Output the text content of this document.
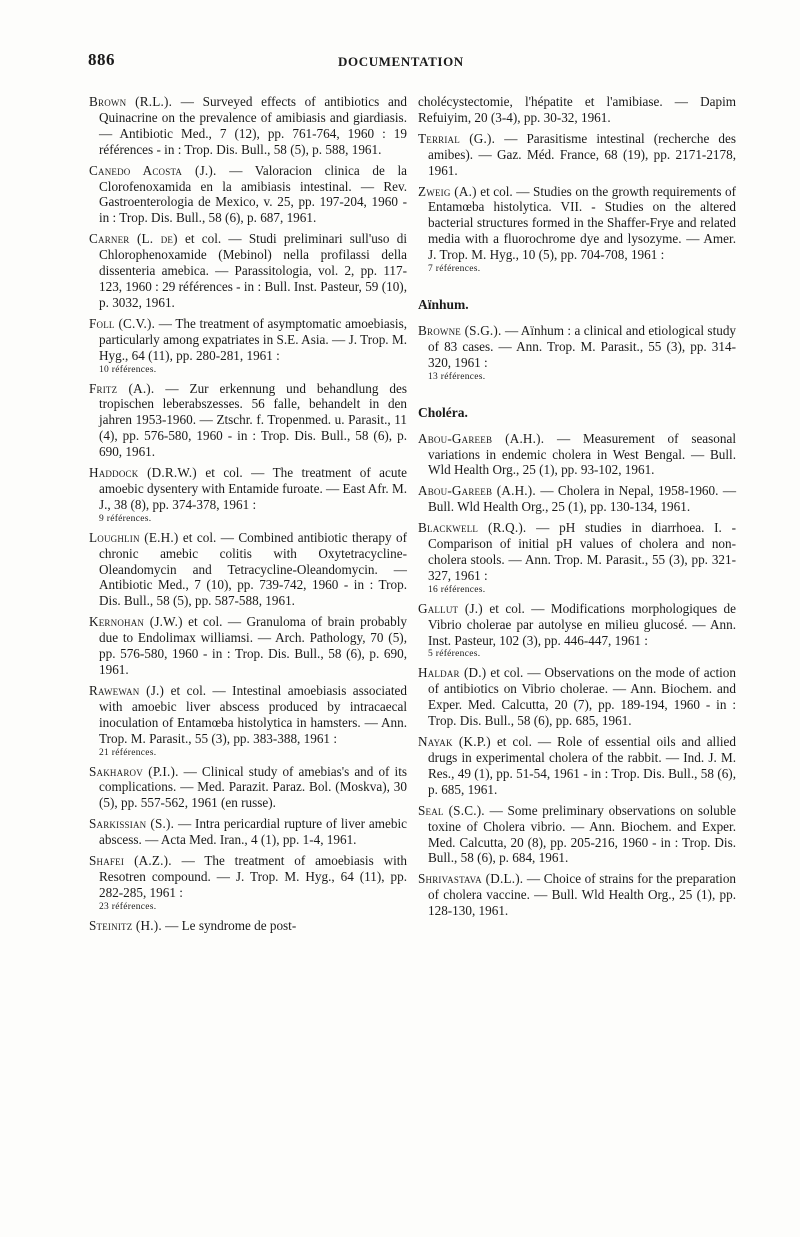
886	DOCUMENTATION
Brown (R.L.). — Surveyed effects of antibiotics and Quinacrine on the prevalence of amibiasis and giardiasis. — Antibiotic Med., 7 (12), pp. 761-764, 1960 : 19 références - in : Trop. Dis. Bull., 58 (5), p. 588, 1961.
Canedo Acosta (J.). — Valoracion clinica de la Clorofenoxamida en la amibiasis intestinal. — Rev. Gastroenterologia de Mexico, v. 25, pp. 197-204, 1960 - in : Trop. Dis. Bull., 58 (6), p. 687, 1961.
Carner (L. de) et col. — Studi preliminari sull'uso di Chlorophenoxamide (Mebinol) nella profilassi della dissenteria amebica. — Parassitologia, vol. 2, pp. 117-123, 1960 : 29 références - in : Bull. Inst. Pasteur, 59 (10), p. 3032, 1961.
Foll (C.V.). — The treatment of asymptomatic amoebiasis, particularly among expatriates in S.E. Asia. — J. Trop. M. Hyg., 64 (11), pp. 280-281, 1961 :
10 références.
Fritz (A.). — Zur erkennung und behandlung des tropischen leberabszesses. 56 falle, behandelt in den jahren 1953-1960. — Ztschr. f. Tropenmed. u. Parasit., 11 (4), pp. 576-580, 1960 - in : Trop. Dis. Bull., 58 (6), p. 690, 1961.
Haddock (D.R.W.) et col. — The treatment of acute amoebic dysentery with Entamide furoate. — East Afr. M. J., 38 (8), pp. 374-378, 1961 :
9 références.
Loughlin (E.H.) et col. — Combined antibiotic therapy of chronic amebic colitis with Oxytetracycline-Oleandomycin and Tetracycline-Oleandomycin. — Antibiotic Med., 7 (10), pp. 739-742, 1960 - in : Trop. Dis. Bull., 58 (5), pp. 587-588, 1961.
Kernohan (J.W.) et col. — Granuloma of brain probably due to Endolimax williamsi. — Arch. Pathology, 70 (5), pp. 576-580, 1960 - in : Trop. Dis. Bull., 58 (6), p. 690, 1961.
Rawewan (J.) et col. — Intestinal amoebiasis associated with amoebic liver abscess produced by intracaecal inoculation of Entamœba histolytica in hamsters. — Ann. Trop. M. Parasit., 55 (3), pp. 383-388, 1961 :
21 références.
Sakharov (P.I.). — Clinical study of amebias's and of its complications. — Med. Parazit. Paraz. Bol. (Moskva), 30 (5), pp. 557-562, 1961 (en russe).
Sarkissian (S.). — Intra pericardial rupture of liver amebic abscess. — Acta Med. Iran., 4 (1), pp. 1-4, 1961.
Shafei (A.Z.). — The treatment of amoebiasis with Resotren compound. — J. Trop. M. Hyg., 64 (11), pp. 282-285, 1961 :
23 références.
Steinitz (H.). — Le syndrome de post-
cholécystectomie, l'hépatite et l'amibiase. — Dapim Refuiyim, 20 (3-4), pp. 30-32, 1961.
Terrial (G.). — Parasitisme intestinal (recherche des amibes). — Gaz. Méd. France, 68 (19), pp. 2171-2178, 1961.
Zweig (A.) et col. — Studies on the growth requirements of Entamœba histolytica. VII. - Studies on the altered bacterial structures formed in the Shaffer-Frye and related media with a fluorochrome dye and lysozyme. — Amer. J. Trop. M. Hyg., 10 (5), pp. 704-708, 1961 :
7 références.
Aïnhum.
Browne (S.G.). — Aïnhum : a clinical and etiological study of 83 cases. — Ann. Trop. M. Parasit., 55 (3), pp. 314-320, 1961 :
13 références.
Choléra.
Abou-Gareeb (A.H.). — Measurement of seasonal variations in endemic cholera in West Bengal. — Bull. Wld Health Org., 25 (1), pp. 93-102, 1961.
Abou-Gareeb (A.H.). — Cholera in Nepal, 1958-1960. — Bull. Wld Health Org., 25 (1), pp. 130-134, 1961.
Blackwell (R.Q.). — pH studies in diarrhoea. I. - Comparison of initial pH values of cholera and non-cholera stools. — Ann. Trop. M. Parasit., 55 (3), pp. 321-327, 1961 :
16 références.
Gallut (J.) et col. — Modifications morphologiques de Vibrio cholerae par autolyse en milieu glucosé. — Ann. Inst. Pasteur, 102 (3), pp. 446-447, 1961 :
5 références.
Haldar (D.) et col. — Observations on the mode of action of antibiotics on Vibrio cholerae. — Ann. Biochem. and Exper. Med. Calcutta, 20 (7), pp. 189-194, 1960 - in : Trop. Dis. Bull., 58 (6), pp. 685, 1961.
Nayak (K.P.) et col. — Role of essential oils and allied drugs in experimental cholera of the rabbit. — Ind. J. M. Res., 49 (1), pp. 51-54, 1961 - in : Trop. Dis. Bull., 58 (6), p. 685, 1961.
Seal (S.C.). — Some preliminary observations on soluble toxine of Cholera vibrio. — Ann. Biochem. and Exper. Med. Calcutta, 20 (8), pp. 205-216, 1960 - in : Trop. Dis. Bull., 58 (6), p. 684, 1961.
Shrivastava (D.L.). — Choice of strains for the preparation of cholera vaccine. — Bull. Wld Health Org., 25 (1), pp. 128-130, 1961.
